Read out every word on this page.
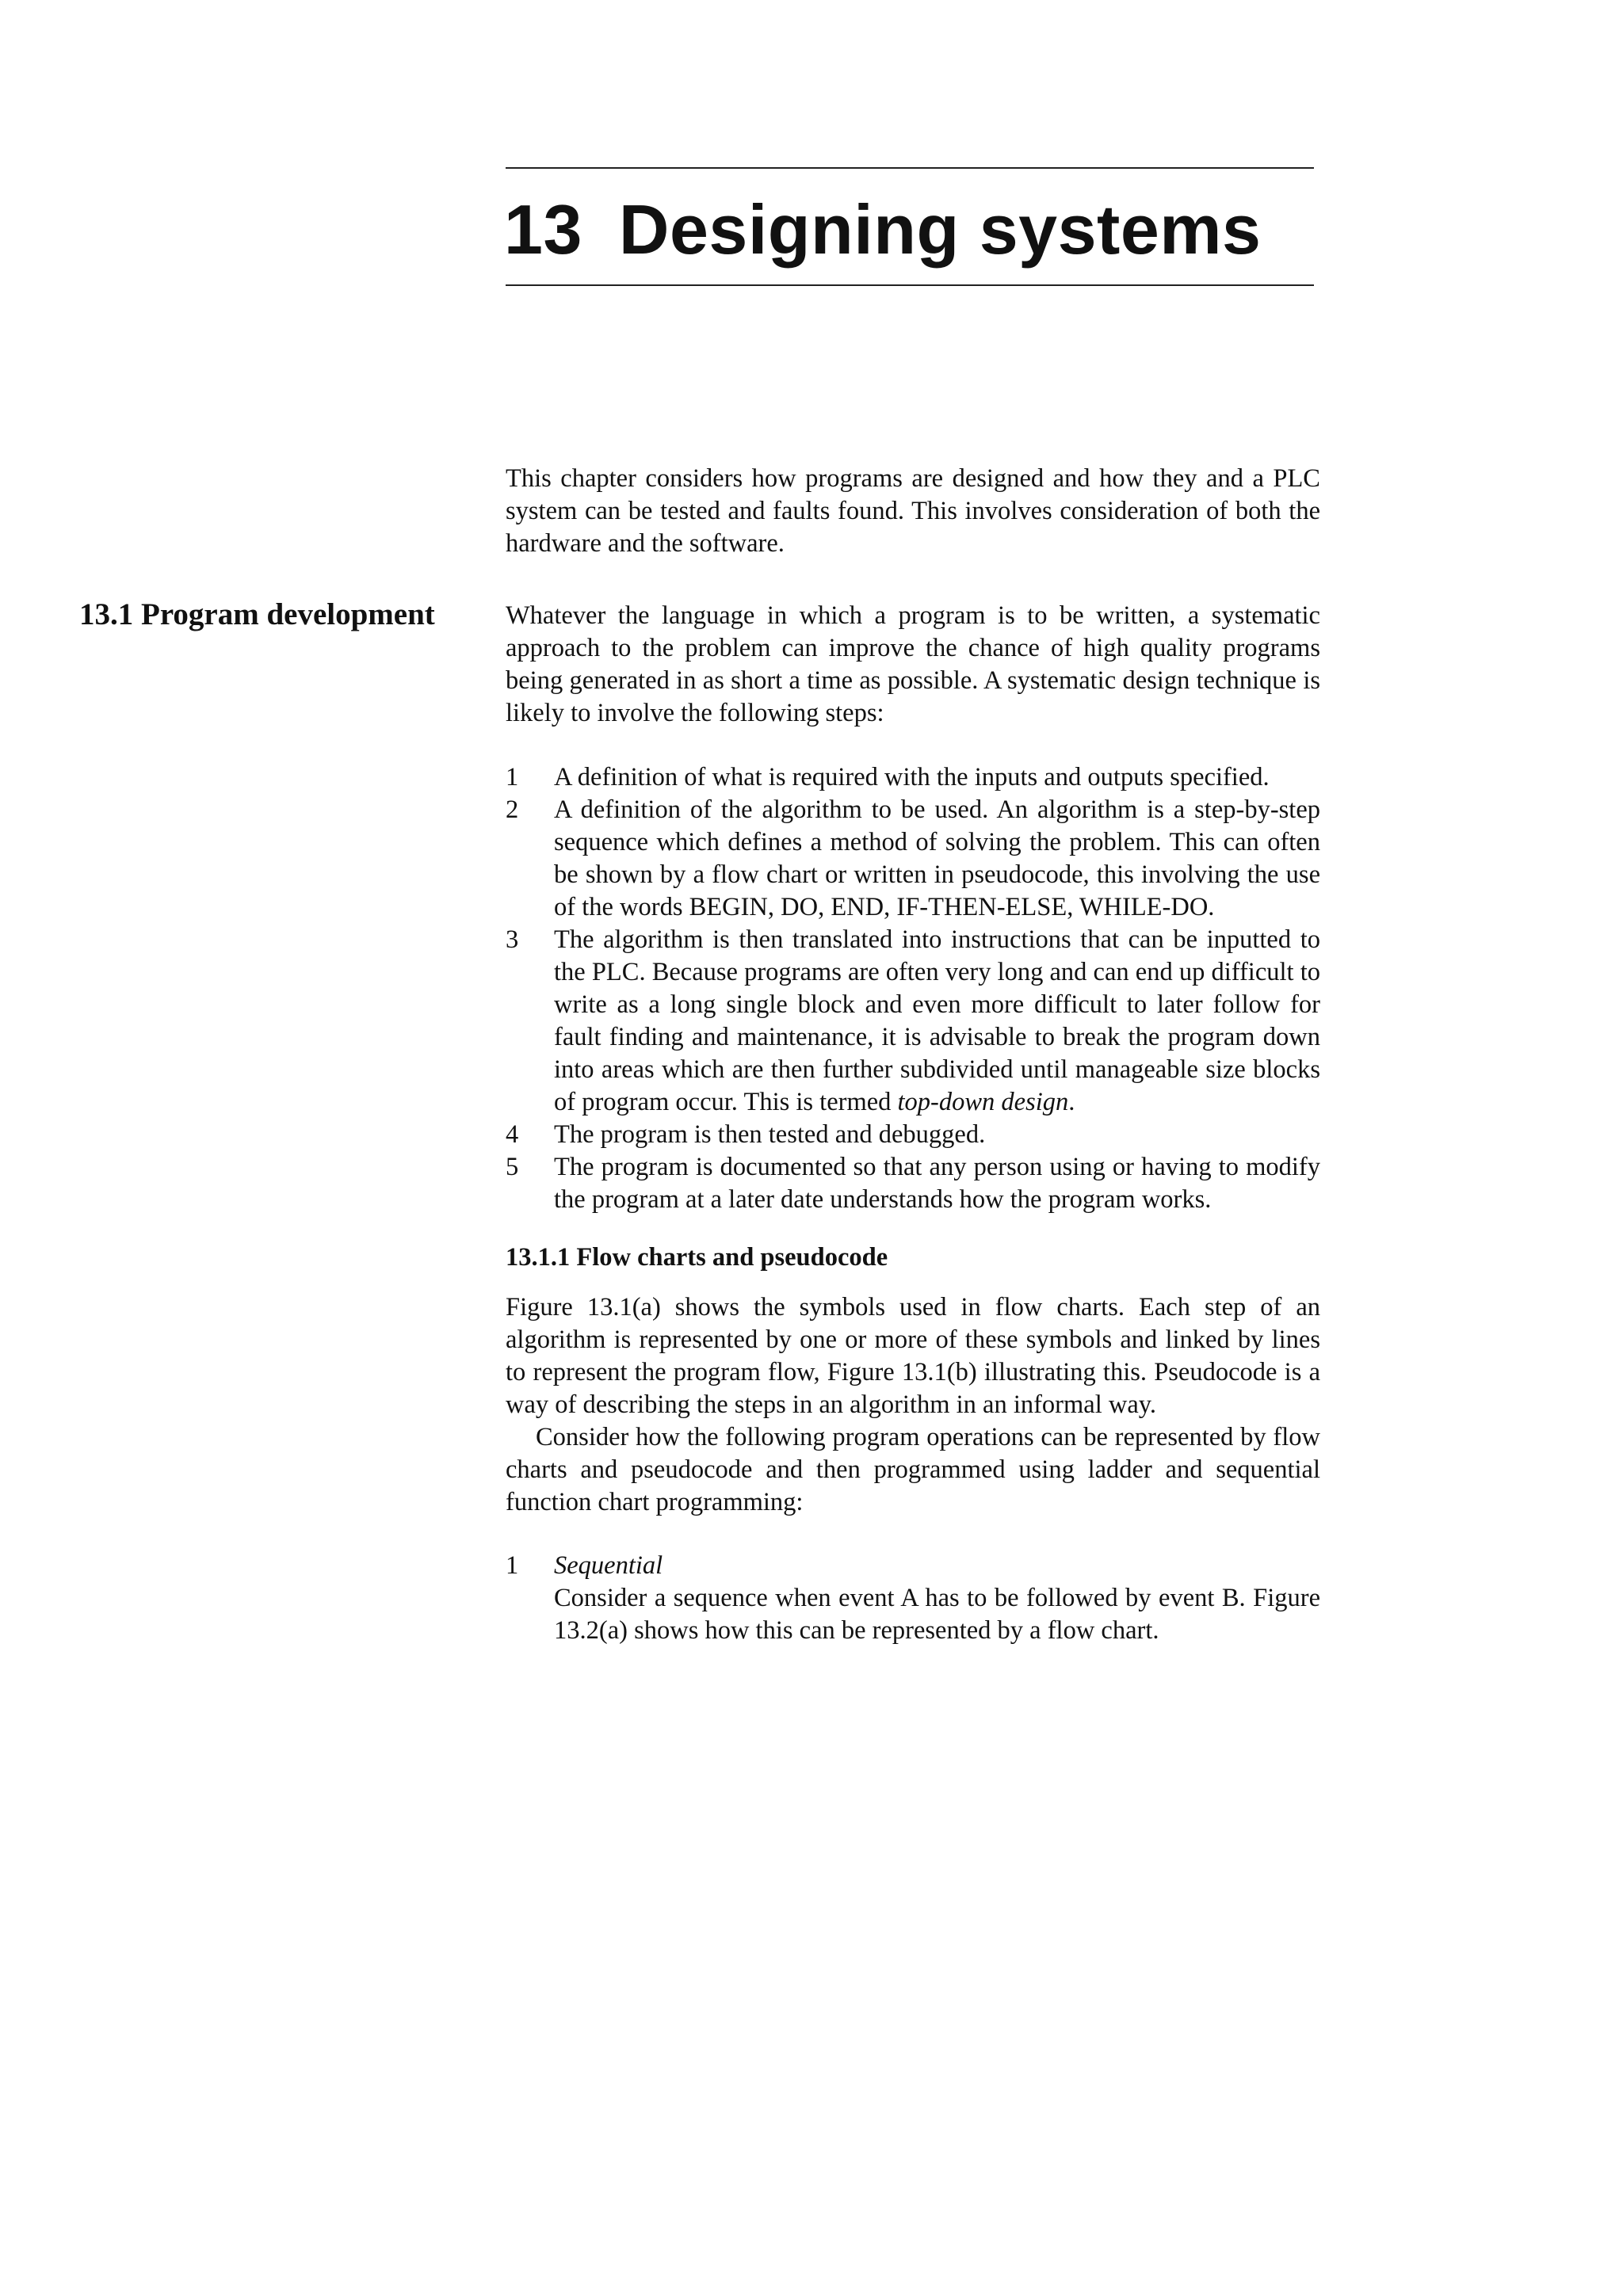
13 Designing systems

This chapter considers how programs are designed and how they and a PLC system can be tested and faults found. This involves consideration of both the hardware and the software.

13.1 Program development	Whatever the language in which a program is to be written, a systematic approach to the problem can improve the chance of high quality programs being generated in as short a time as possible. A systematic design technique is likely to involve the following steps:

1 A definition of what is required with the inputs and outputs specified.
2 A definition of the algorithm to be used. An algorithm is a step-by-step sequence which defines a method of solving the problem. This can often be shown by a flow chart or written in pseudocode, this involving the use of the words BEGIN, DO, END, IF-THEN-ELSE, WHILE-DO.
3 The algorithm is then translated into instructions that can be inputted to the PLC. Because programs are often very long and can end up difficult to write as a long single block and even more difficult to later follow for fault finding and maintenance, it is advisable to break the program down into areas which are then further subdivided until manageable size blocks of program occur. This is termed top-down design.
4 The program is then tested and debugged.
5 The program is documented so that any person using or having to modify the program at a later date understands how the program works.
13.1.1 Flow charts and pseudocode

Figure 13.1(a) shows the symbols used in flow charts. Each step of an algorithm is represented by one or more of these symbols and linked by lines to represent the program flow, Figure 13.1(b) illustrating this. Pseudocode is a way of describing the steps in an algorithm in an informal way.

Consider how the following program operations can be represented by flow charts and pseudocode and then programmed using ladder and sequential function chart programming:

1 Sequential
Consider a sequence when event A has to be followed by event B. Figure 13.2(a) shows how this can be represented by a flow chart.
